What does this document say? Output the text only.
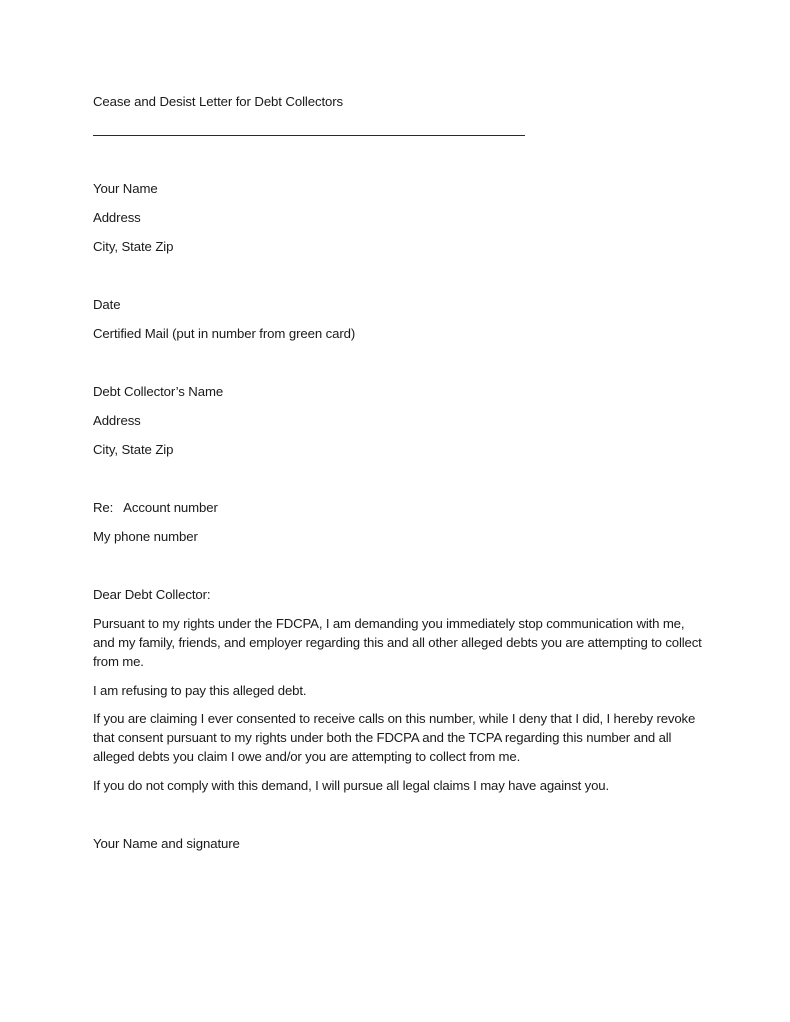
Cease and Desist Letter for Debt Collectors
Your Name
Address
City, State Zip
Date
Certified Mail (put in number from green card)
Debt Collector’s Name
Address
City, State Zip
Re:   Account number
My phone number
Dear Debt Collector:
Pursuant to my rights under the FDCPA, I am demanding you immediately stop communication with me, and my family, friends, and employer regarding this and all other alleged debts you are attempting to collect from me.
I am refusing to pay this alleged debt.
If you are claiming I ever consented to receive calls on this number, while I deny that I did, I hereby revoke that consent pursuant to my rights under both the FDCPA and the TCPA regarding this number and all alleged debts you claim I owe and/or you are attempting to collect from me.
If you do not comply with this demand, I will pursue all legal claims I may have against you.
Your Name and signature
